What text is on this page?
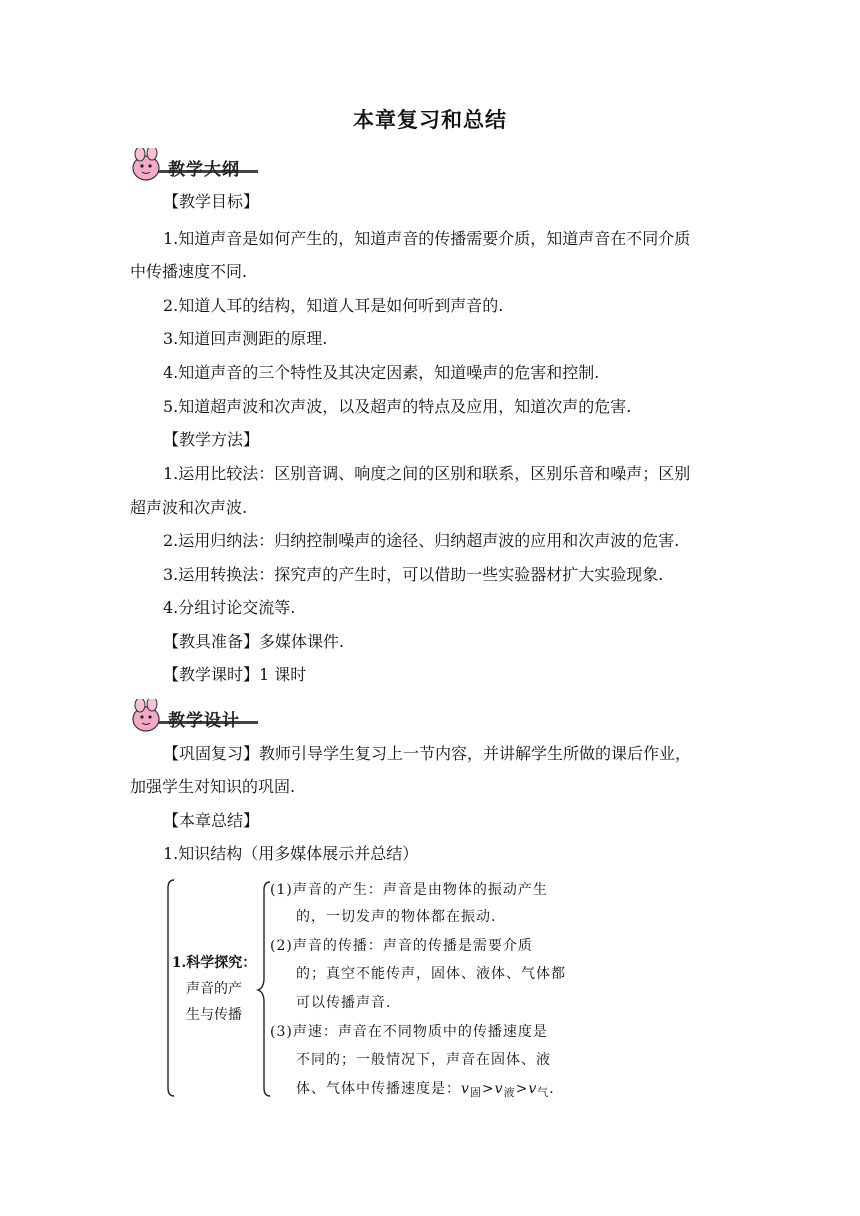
本章复习和总结
教学大纲
【教学目标】
1.知道声音是如何产生的，知道声音的传播需要介质，知道声音在不同介质
中传播速度不同.
2.知道人耳的结构，知道人耳是如何听到声音的.
3.知道回声测距的原理.
4.知道声音的三个特性及其决定因素，知道噪声的危害和控制.
5.知道超声波和次声波，以及超声的特点及应用，知道次声的危害.
【教学方法】
1.运用比较法：区别音调、响度之间的区别和联系，区别乐音和噪声；区别
超声波和次声波.
2.运用归纳法：归纳控制噪声的途径、归纳超声波的应用和次声波的危害.
3.运用转换法：探究声的产生时，可以借助一些实验器材扩大实验现象.
4.分组讨论交流等.
【教具准备】多媒体课件.
【教学课时】1 课时
教学设计
【巩固复习】教师引导学生复习上一节内容，并讲解学生所做的课后作业，
加强学生对知识的巩固.
【本章总结】
1.知识结构（用多媒体展示并总结）
1.科学探究：
声音的产
生与传播
(1)声音的产生：声音是由物体的振动产生
的，一切发声的物体都在振动.
(2)声音的传播：声音的传播是需要介质
的；真空不能传声，固体、液体、气体都
可以传播声音.
(3)声速：声音在不同物质中的传播速度是
不同的；一般情况下，声音在固体、液
体、气体中传播速度是：$v_固>v_液>v_气$.
